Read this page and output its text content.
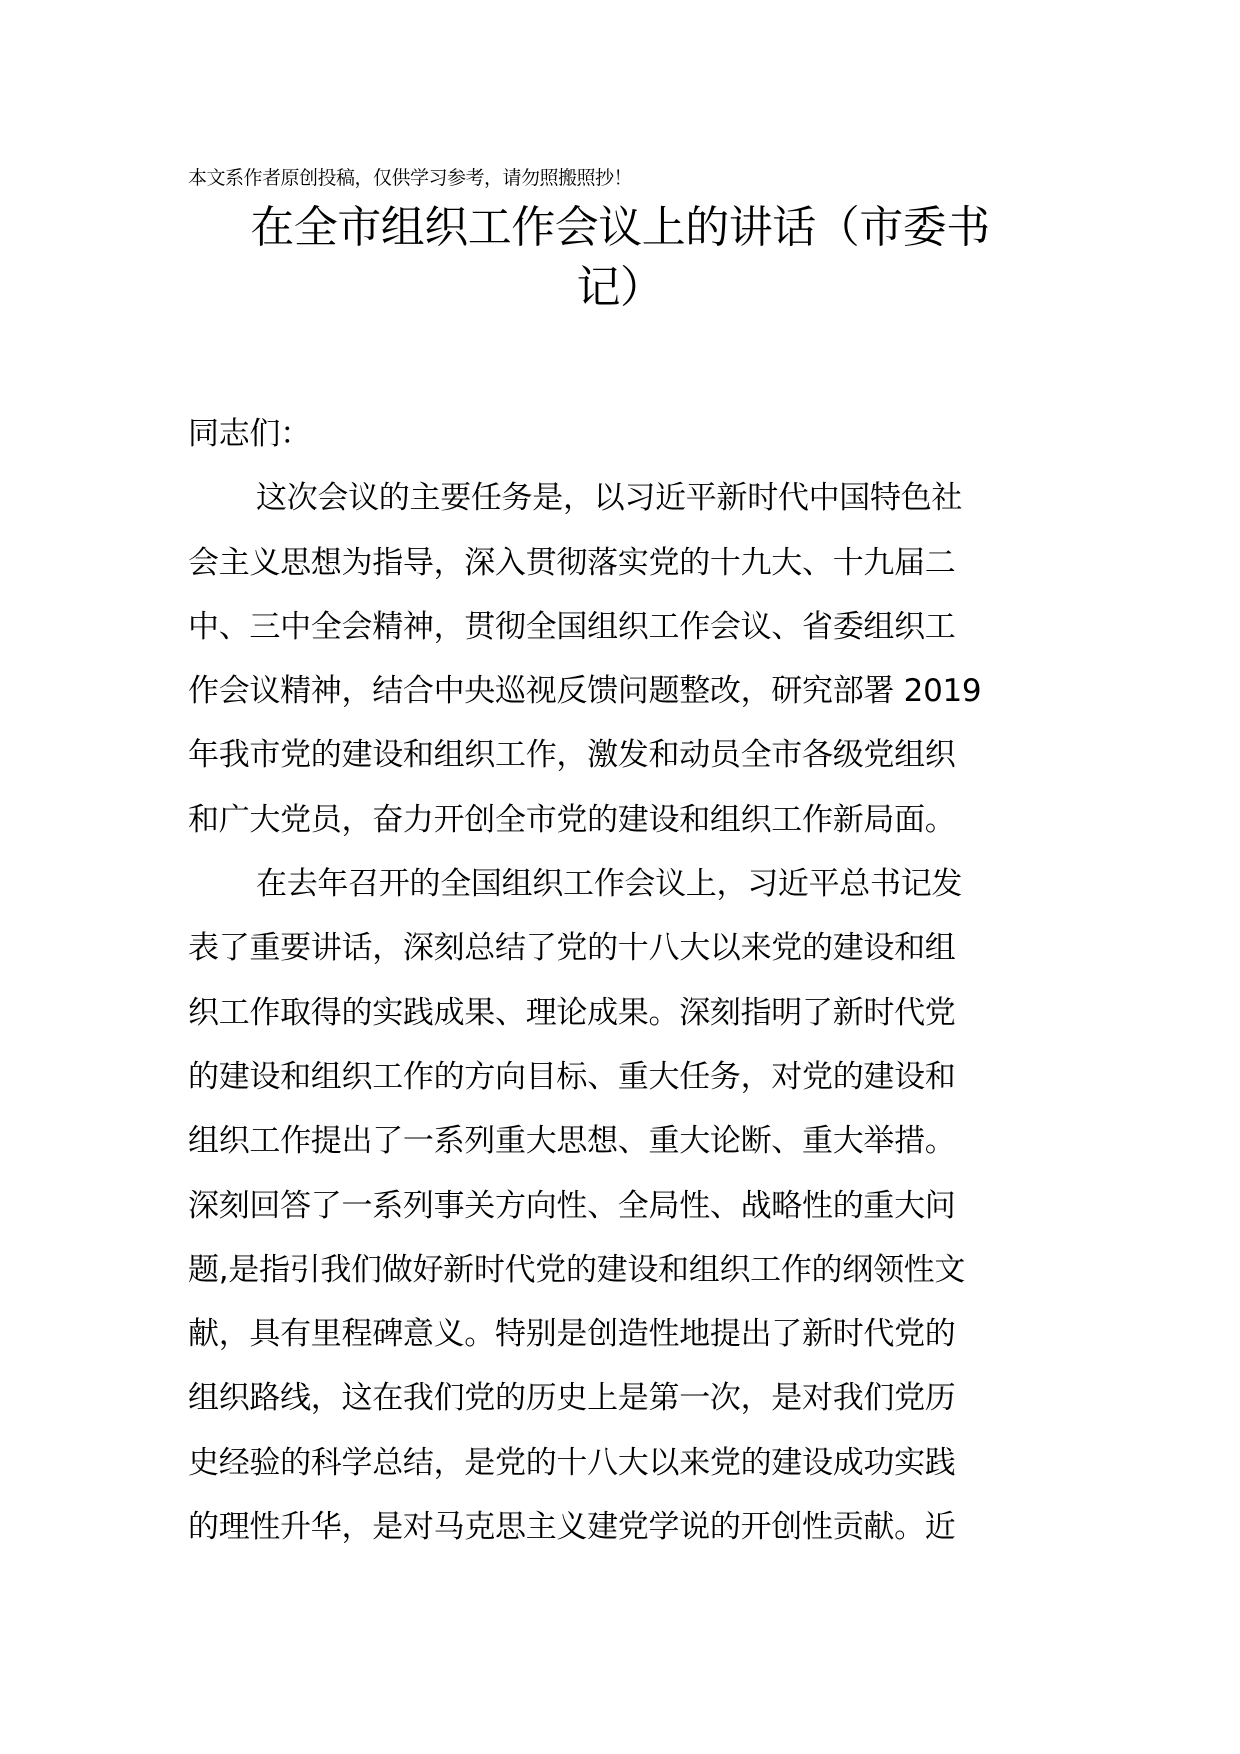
本文系作者原创投稿，仅供学习参考，请勿照搬照抄！
在全市组织工作会议上的讲话（市委书
记）
同志们：
这次会议的主要任务是，以习近平新时代中国特色社
会主义思想为指导，深入贯彻落实党的十九大、十九届二
中、三中全会精神，贯彻全国组织工作会议、省委组织工
作会议精神，结合中央巡视反馈问题整改，研究部署 2019
年我市党的建设和组织工作，激发和动员全市各级党组织
和广大党员，奋力开创全市党的建设和组织工作新局面。
在去年召开的全国组织工作会议上，习近平总书记发
表了重要讲话，深刻总结了党的十八大以来党的建设和组
织工作取得的实践成果、理论成果。深刻指明了新时代党
的建设和组织工作的方向目标、重大任务，对党的建设和
组织工作提出了一系列重大思想、重大论断、重大举措。
深刻回答了一系列事关方向性、全局性、战略性的重大问
题,是指引我们做好新时代党的建设和组织工作的纲领性文
献，具有里程碑意义。特别是创造性地提出了新时代党的
组织路线，这在我们党的历史上是第一次，是对我们党历
史经验的科学总结，是党的十八大以来党的建设成功实践
的理性升华，是对马克思主义建党学说的开创性贡献。近
